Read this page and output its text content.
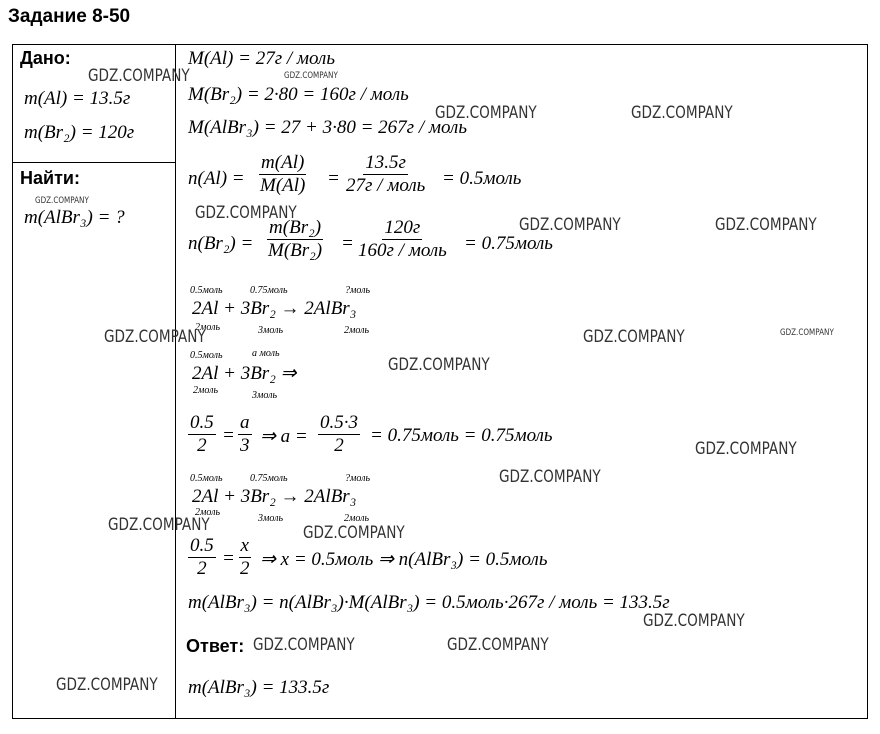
Задание 8-50
Дано:
m(Al) = 13.5г
m(Br₂) = 120г
Найти:
m(AlBr₃) = ?
M(Al) = 27г / моль
M(Br₂) = 2·80 = 160г / моль
M(AlBr₃) = 27 + 3·80 = 267г / моль
$n(Al) = \frac{m(Al)}{M(Al)}$ =
13.5г
27г / моль = 0.5моль
$n(Br_2) = \frac{\text{m(Br₂)}}{\text{M(Br₂)}}$ =
120г
160г / моль = 0.75моль
0.5моль	0.75моль	?моль
2Al + 3Br₂ → 2AlBr₃
2моль	3моль	2моль
0.5моль	a моль
2Al + 3Br₂ ⇒
2моль	3моль
$\frac{0.5}{2} = \frac{a}{3}$ ⇒ $a = \frac{0.5\cdot 3}{2}$ = 0.75моль = 0.75моль
0.5моль	0.75моль	?моль
2Al + 3Br₂ → 2AlBr₃
2моль
3моль	2моль
$\frac{0.5}{2} = \frac{x}{2}$ ⇒ x = 0.5моль ⇒ n(AlBr₃) = 0.5моль
m(AlBr₃) = n(AlBr₃)·M(AlBr₃) = 0.5моль·267г / моль = 133.5г
Ответ:
m(AlBr₃) = 133.5г
GDZ.COMPANY	GDZ.COMPANY
GDZ.COMPANY	GDZ.COMPANY
GDZ.COMPANY
GDZ.COMPANY
GDZ.COMPANY	GDZ.COMPANY
GDZ.COMPANY	GDZ.COMPANY	GDZ.COMPANY
GDZ.COMPANY
GDZ.COMPANY
GDZ.COMPANY
GDZ.COMPANY	GDZ.COMPANY
GDZ.COMPANY
GDZ.COMPANY	GDZ.COMPANY
GDZ.COMPANY
